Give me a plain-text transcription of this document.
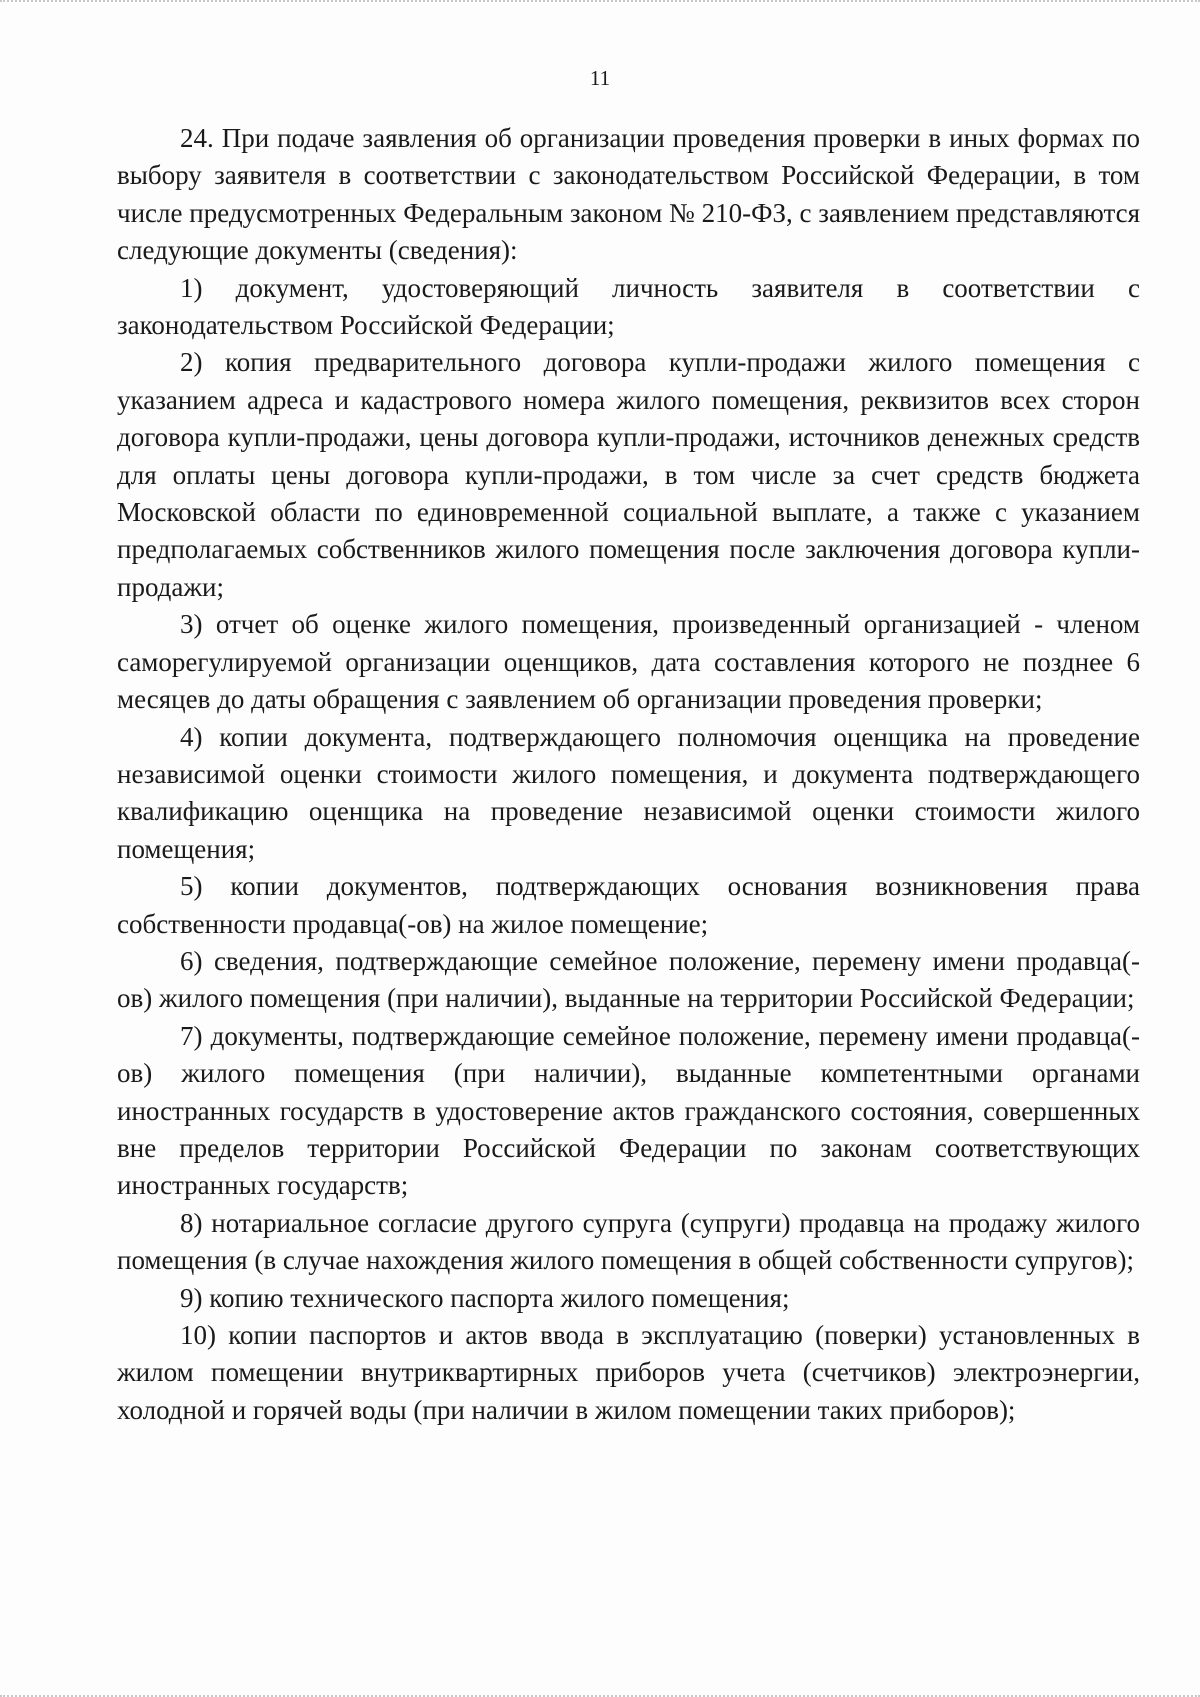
11

24. При подаче заявления об организации проведения проверки в иных формах по выбору заявителя в соответствии с законодательством Российской Федерации, в том числе предусмотренных Федеральным законом № 210-ФЗ, с заявлением представляются следующие документы (сведения):

1) документ, удостоверяющий личность заявителя в соответствии с законодательством Российской Федерации;

2) копия предварительного договора купли-продажи жилого помещения с указанием адреса и кадастрового номера жилого помещения, реквизитов всех сторон договора купли-продажи, цены договора купли-продажи, источников денежных средств для оплаты цены договора купли-продажи, в том числе за счет средств бюджета Московской области по единовременной социальной выплате, а также с указанием предполагаемых собственников жилого помещения после заключения договора купли-продажи;

3) отчет об оценке жилого помещения, произведенный организацией - членом саморегулируемой организации оценщиков, дата составления которого не позднее 6 месяцев до даты обращения с заявлением об организации проведения проверки;

4) копии документа, подтверждающего полномочия оценщика на проведение независимой оценки стоимости жилого помещения, и документа подтверждающего квалификацию оценщика на проведение независимой оценки стоимости жилого помещения;

5) копии документов, подтверждающих основания возникновения права собственности продавца(-ов) на жилое помещение;

6) сведения, подтверждающие семейное положение, перемену имени продавца(-ов) жилого помещения (при наличии), выданные на территории Российской Федерации;

7) документы, подтверждающие семейное положение, перемену имени продавца(-ов) жилого помещения (при наличии), выданные компетентными органами иностранных государств в удостоверение актов гражданского состояния, совершенных вне пределов территории Российской Федерации по законам соответствующих иностранных государств;

8) нотариальное согласие другого супруга (супруги) продавца на продажу жилого помещения (в случае нахождения жилого помещения в общей собственности супругов);

9) копию технического паспорта жилого помещения;

10) копии паспортов и актов ввода в эксплуатацию (поверки) установленных в жилом помещении внутриквартирных приборов учета (счетчиков) электроэнергии, холодной и горячей воды (при наличии в жилом помещении таких приборов);
